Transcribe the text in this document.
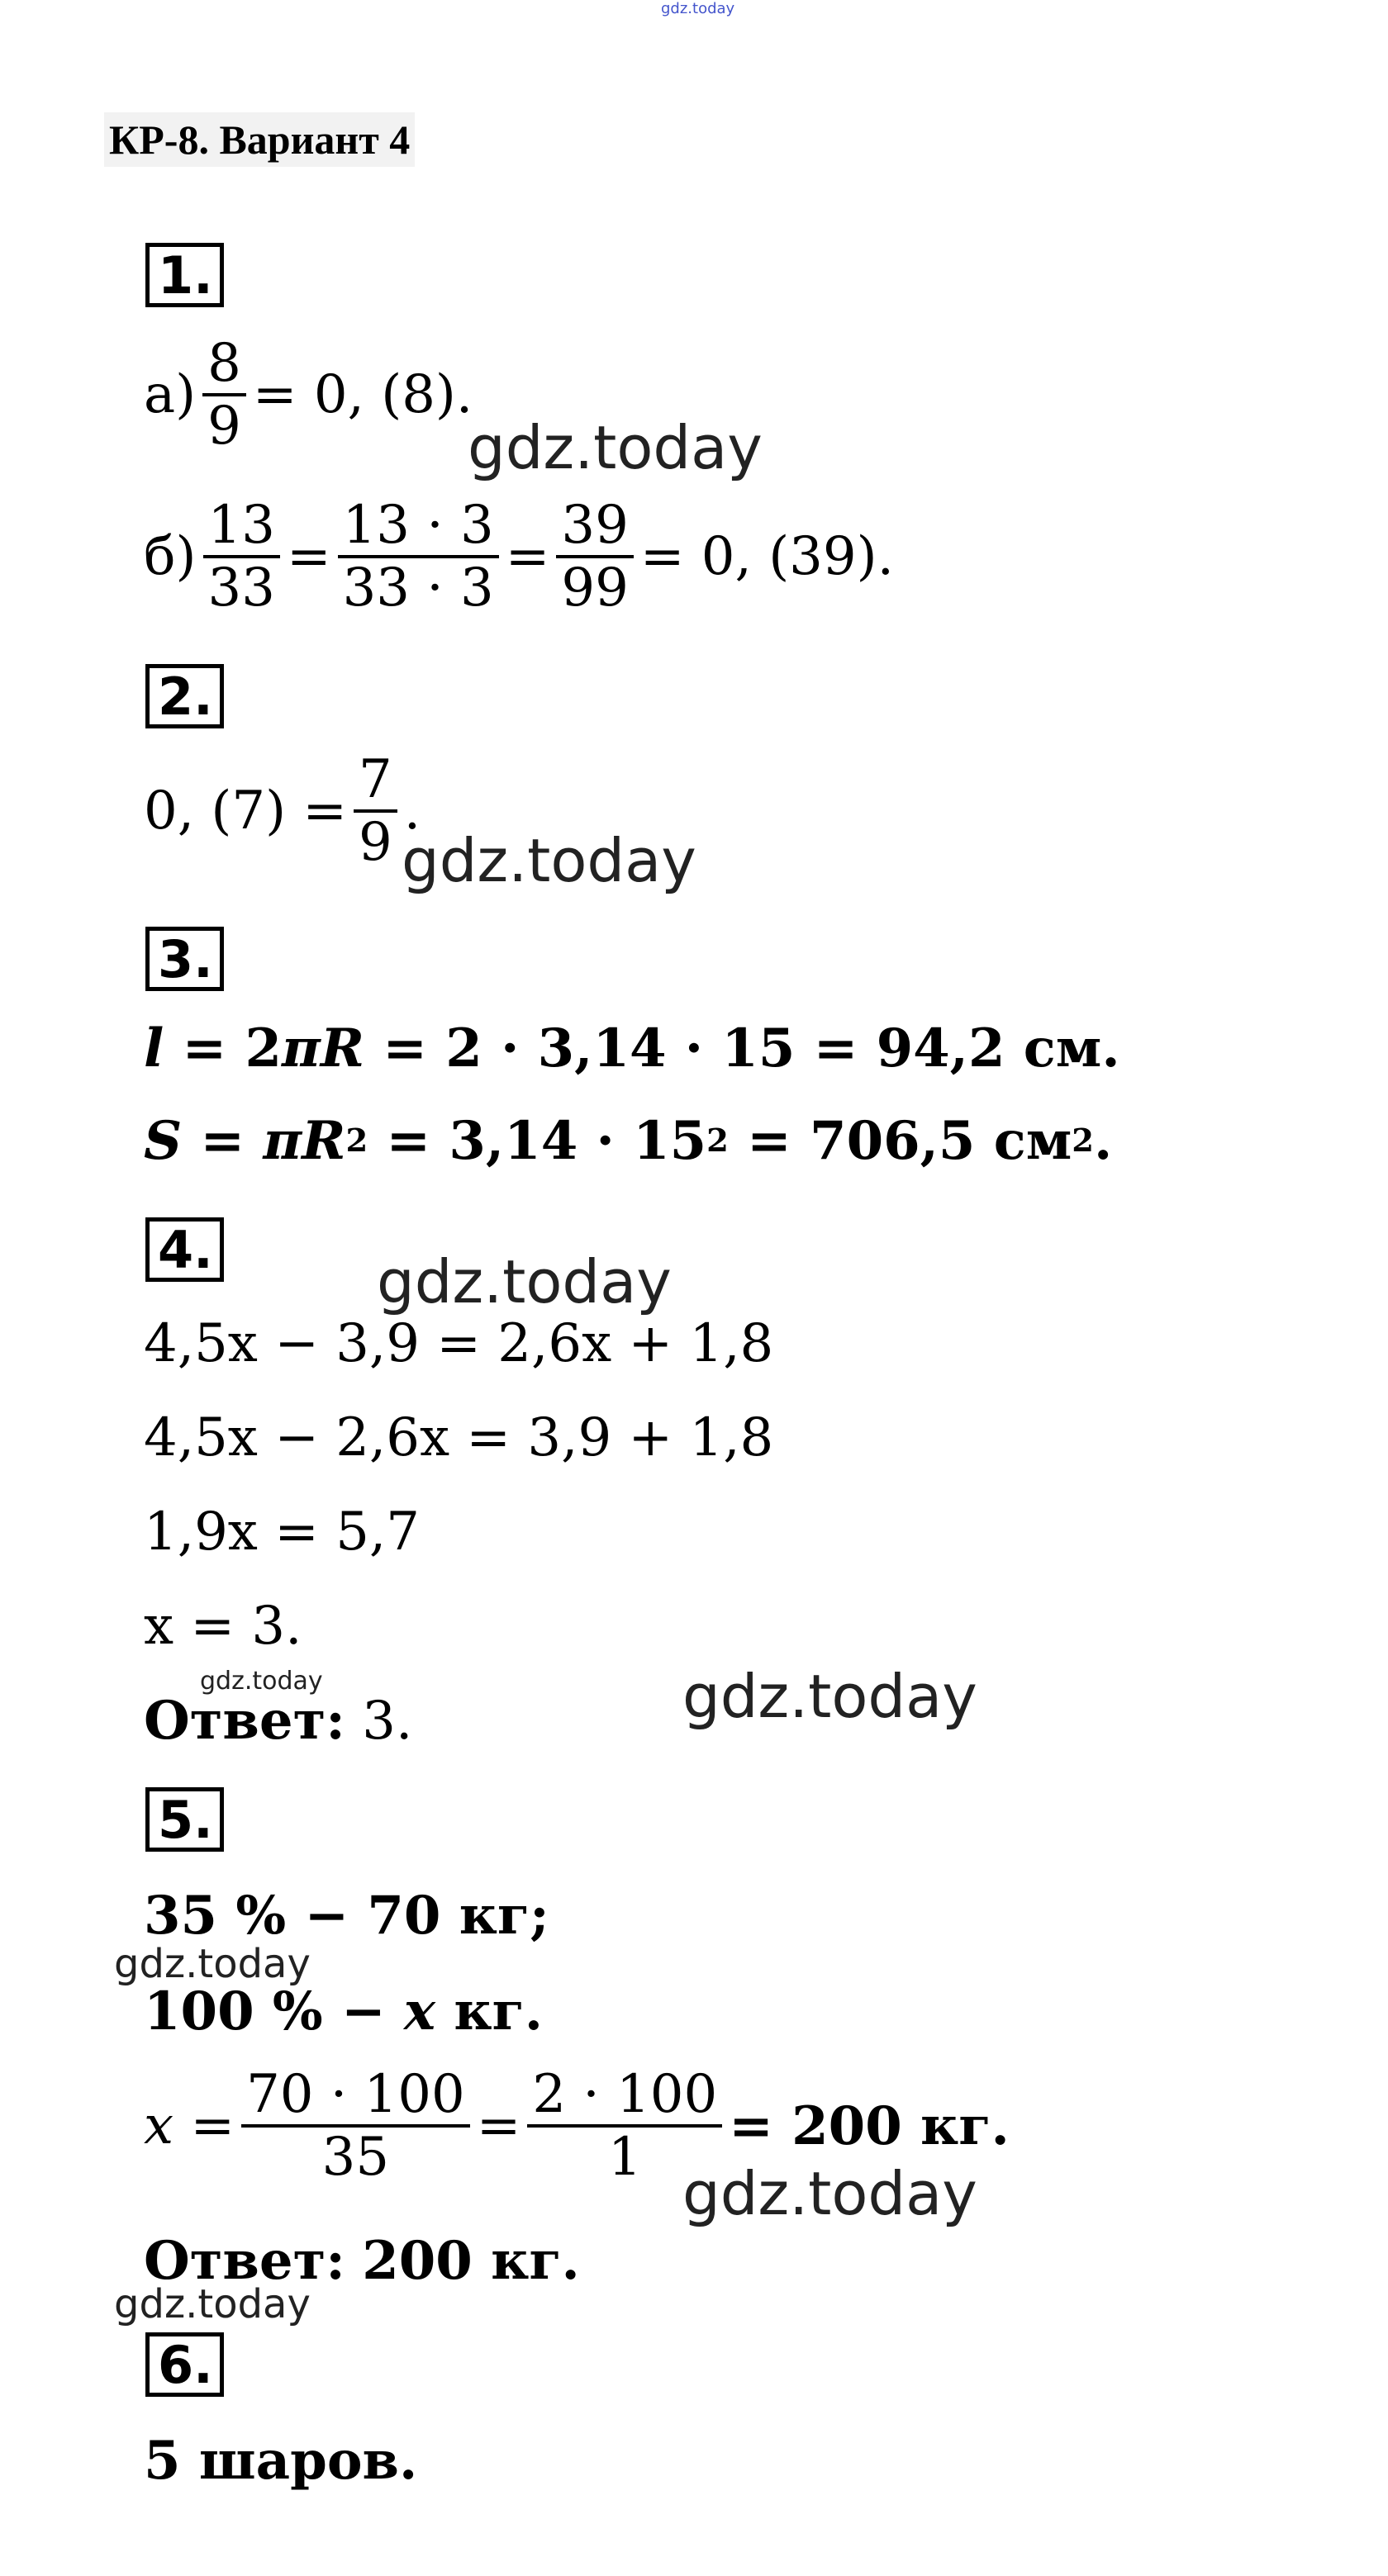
gdz.today
КР-8. Вариант 4
1.
$а) \frac{8}{9} = 0$, (8).
$б) \frac{13}{33} = \frac{13 \cdot 3}{33 \cdot 3} = \frac{39}{99} = 0$, (39).
2.
0, $(7) = \frac{7}{9}$ .
3.
l
= 2 πR
= 2 · 3,14 · 15 = 94,2 см.
S
=
πR 2
= 3,14 · 15 2
= 706,5 см 2 .
4.
4,5x − 3,9 = 2,6x + 1,8
4,5x − 2,6x = 3,9 + 1,8
1,9x = 5,7
x = 3.
Ответ:
3.
5.
35 % − 70 кг;
100 % −
x
кг.
x
= $\frac{70 \cdot 100}{35} = \frac{2 \cdot 100}{1} = 200$ кг.
Ответ:
200 кг.
6.
5 шаров.
gdz.today
gdz.today
gdz.today
gdz.today	gdz.today
gdz.today
gdz.today
gdz.today
